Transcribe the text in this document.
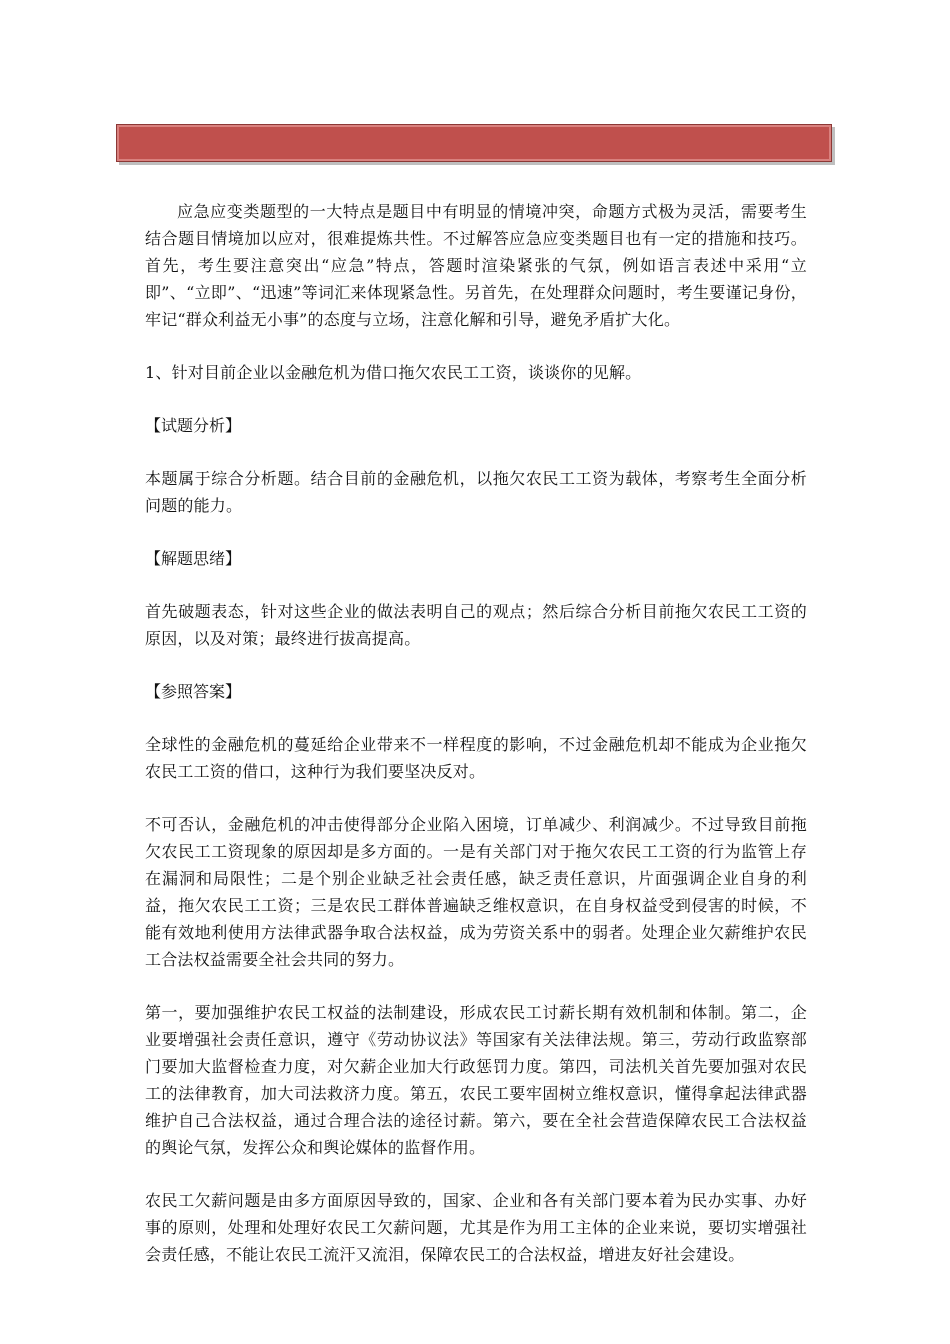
应急应变类题型的一大特点是题目中有明显的情境冲突，命题方式极为灵活，需要考生结合题目情境加以应对，很难提炼共性。不过解答应急应变类题目也有一定的措施和技巧。首先，考生要注意突出“应急”特点，答题时渲染紧张的气氛，例如语言表述中采用“立即”、“立即”、“迅速”等词汇来体现紧急性。另首先，在处理群众问题时，考生要谨记身份，牢记“群众利益无小事”的态度与立场，注意化解和引导，避免矛盾扩大化。

1、针对目前企业以金融危机为借口拖欠农民工工资，谈谈你的见解。

【试题分析】

本题属于综合分析题。结合目前的金融危机，以拖欠农民工工资为载体，考察考生全面分析问题的能力。

【解题思绪】

首先破题表态，针对这些企业的做法表明自己的观点；然后综合分析目前拖欠农民工工资的原因，以及对策；最终进行拔高提高。

【参照答案】

全球性的金融危机的蔓延给企业带来不一样程度的影响，不过金融危机却不能成为企业拖欠农民工工资的借口，这种行为我们要坚决反对。

不可否认，金融危机的冲击使得部分企业陷入困境，订单减少、利润减少。不过导致目前拖欠农民工工资现象的原因却是多方面的。一是有关部门对于拖欠农民工工资的行为监管上存在漏洞和局限性；二是个别企业缺乏社会责任感，缺乏责任意识，片面强调企业自身的利益，拖欠农民工工资；三是农民工群体普遍缺乏维权意识，在自身权益受到侵害的时候，不能有效地利使用方法律武器争取合法权益，成为劳资关系中的弱者。处理企业欠薪维护农民工合法权益需要全社会共同的努力。

第一，要加强维护农民工权益的法制建设，形成农民工讨薪长期有效机制和体制。第二，企业要增强社会责任意识，遵守《劳动协议法》等国家有关法律法规。第三，劳动行政监察部门要加大监督检查力度，对欠薪企业加大行政惩罚力度。第四，司法机关首先要加强对农民工的法律教育，加大司法救济力度。第五，农民工要牢固树立维权意识，懂得拿起法律武器维护自己合法权益，通过合理合法的途径讨薪。第六，要在全社会营造保障农民工合法权益的舆论气氛，发挥公众和舆论媒体的监督作用。

农民工欠薪问题是由多方面原因导致的，国家、企业和各有关部门要本着为民办实事、办好事的原则，处理和处理好农民工欠薪问题，尤其是作为用工主体的企业来说，要切实增强社会责任感，不能让农民工流汗又流泪，保障农民工的合法权益，增进友好社会建设。
